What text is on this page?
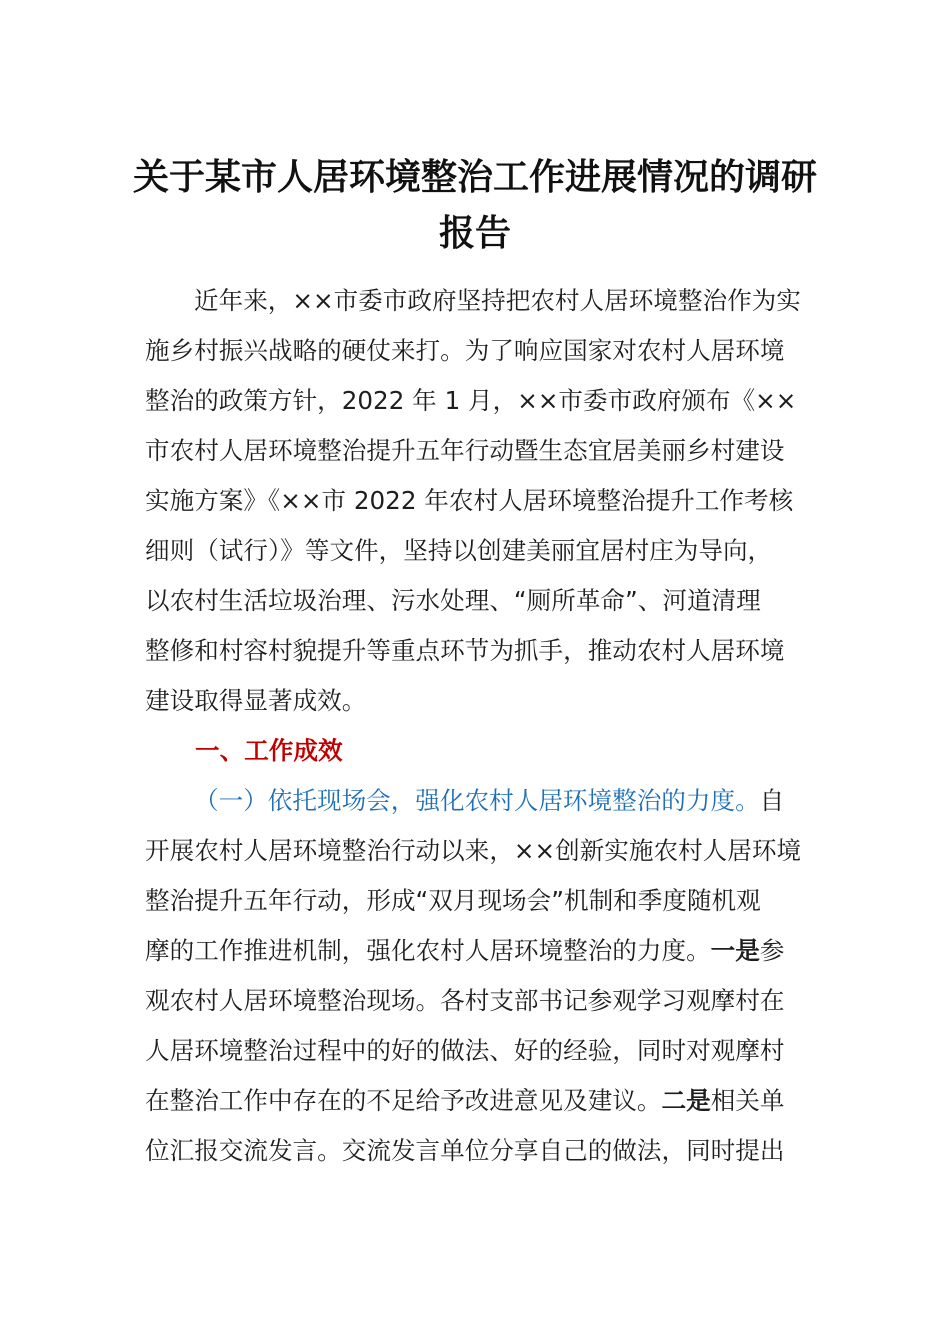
关于某市人居环境整治工作进展情况的调研
报告
近年来，××市委市政府坚持把农村人居环境整治作为实
施乡村振兴战略的硬仗来打。为了响应国家对农村人居环境
整治的政策方针，2022 年 1 月，××市委市政府颁布《××
市农村人居环境整治提升五年行动暨生态宜居美丽乡村建设
实施方案》《××市 2022 年农村人居环境整治提升工作考核
细则（试行）》等文件，坚持以创建美丽宜居村庄为导向，
以农村生活垃圾治理、污水处理、“厕所革命”、河道清理
整修和村容村貌提升等重点环节为抓手，推动农村人居环境
建设取得显著成效。
一、工作成效
（一）依托现场会，强化农村人居环境整治的力度。自
开展农村人居环境整治行动以来，××创新实施农村人居环境
整治提升五年行动，形成“双月现场会”机制和季度随机观
摩的工作推进机制，强化农村人居环境整治的力度。一是参
观农村人居环境整治现场。各村支部书记参观学习观摩村在
人居环境整治过程中的好的做法、好的经验，同时对观摩村
在整治工作中存在的不足给予改进意见及建议。二是相关单
位汇报交流发言。交流发言单位分享自己的做法，同时提出
